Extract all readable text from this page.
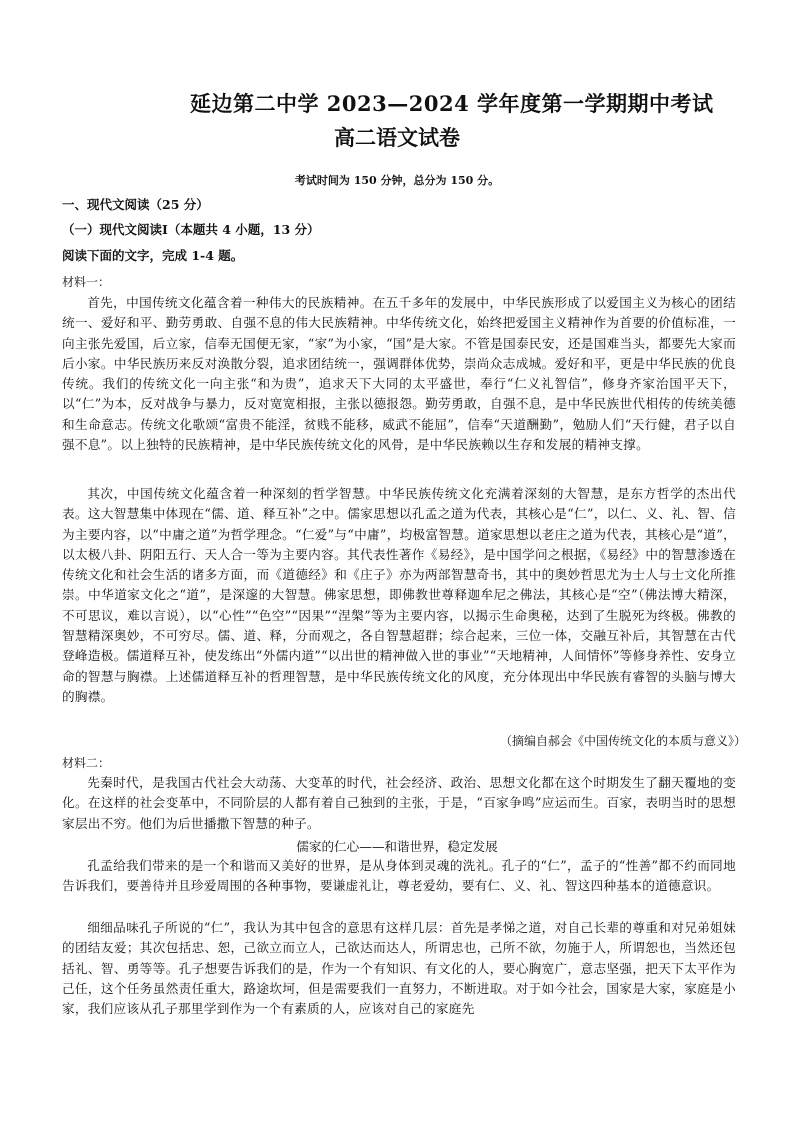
延边第二中学 2023—2024 学年度第一学期期中考试
高二语文试卷
考试时间为 150 分钟，总分为 150 分。
一、现代文阅读（25 分）
（一）现代文阅读Ⅰ（本题共 4 小题，13 分）
阅读下面的文字，完成 1-4 题。
材料一：

首先，中国传统文化蕴含着一种伟大的民族精神。在五千多年的发展中，中华民族形成了以爱国主义为核心的团结统一、爱好和平、勤劳勇敢、自强不息的伟大民族精神。中华传统文化，始终把爱国主义精神作为首要的价值标准，一向主张先爱国，后立家，信奉无国便无家，“家”为小家，“国”是大家。不管是国泰民安，还是国难当头，都要先大家而后小家。中华民族历来反对涣散分裂，追求团结统一，强调群体优势，崇尚众志成城。爱好和平，更是中华民族的优良传统。我们的传统文化一向主张“和为贵”，追求天下大同的太平盛世，奉行“仁义礼智信”，修身齐家治国平天下，以“仁”为本，反对战争与暴力，反对宽宽相报，主张以德报怨。勤劳勇敢，自强不息，是中华民族世代相传的传统美德和生命意志。传统文化歌颂“富贵不能淫，贫贱不能移，威武不能屈”，信奉“天道酬勤”，勉励人们“天行健，君子以自强不息”。以上独特的民族精神，是中华民族传统文化的风骨，是中华民族赖以生存和发展的精神支撑。

其次，中国传统文化蕴含着一种深刻的哲学智慧。中华民族传统文化充满着深刻的大智慧，是东方哲学的杰出代表。这大智慧集中体现在“儒、道、释互补”之中。儒家思想以孔孟之道为代表，其核心是“仁”，以仁、义、礼、智、信为主要内容，以“中庸之道”为哲学理念。“仁爱”与“中庸”，均极富智慧。道家思想以老庄之道为代表，其核心是“道”，以太极八卦、阴阳五行、天人合一等为主要内容。其代表性著作《易经》，是中国学问之根据，《易经》中的智慧渗透在传统文化和社会生活的诸多方面，而《道德经》和《庄子》亦为两部智慧奇书，其中的奥妙哲思尤为士人与士文化所推崇。中华道家文化之“道”，是深邃的大智慧。佛家思想，即佛教世尊释迦牟尼之佛法，其核心是“空”（佛法博大精深，不可思议，难以言说），以“心性”“色空”“因果”“涅槃”等为主要内容，以揭示生命奥秘，达到了生脱死为终极。佛教的智慧精深奥妙，不可穷尽。儒、道、释，分而观之，各自智慧超群；综合起来，三位一体，交融互补后，其智慧在古代登峰造极。儒道释互补，使发练出“外儒内道”“以出世的精神做入世的事业”“天地精神，人间情怀”等修身养性、安身立命的智慧与胸襟。上述儒道释互补的哲理智慧，是中华民族传统文化的风度，充分体现出中华民族有睿智的头脑与博大的胸襟。

（摘编自郝会《中国传统文化的本质与意义》）
材料二：

先秦时代，是我国古代社会大动荡、大变革的时代，社会经济、政治、思想文化都在这个时期发生了翻天覆地的变化。在这样的社会变革中，不同阶层的人都有着自己独到的主张，于是，“百家争鸣”应运而生。百家，表明当时的思想家层出不穷。他们为后世播撒下智慧的种子。

儒家的仁心——和谐世界，稳定发展

孔孟给我们带来的是一个和谐而又美好的世界，是从身体到灵魂的洗礼。孔子的“仁”，孟子的“性善”都不约而同地告诉我们，要善待并且珍爱周围的各种事物，要谦虚礼让，尊老爱幼，要有仁、义、礼、智这四种基本的道德意识。

细细品味孔子所说的“仁”，我认为其中包含的意思有这样几层：首先是孝悌之道，对自己长辈的尊重和对兄弟姐妹的团结友爱；其次包括忠、恕，己欲立而立人，己欲达而达人，所谓忠也，己所不欲，勿施于人，所谓恕也，当然还包括礼、智、勇等等。孔子想要告诉我们的是，作为一个有知识、有文化的人，要心胸宽广，意志坚强，把天下太平作为己任，这个任务虽然责任重大，路途坎坷，但是需要我们一直努力，不断进取。对于如今社会，国家是大家，家庭是小家，我们应该从孔子那里学到作为一个有素质的人，应该对自己的家庭先
